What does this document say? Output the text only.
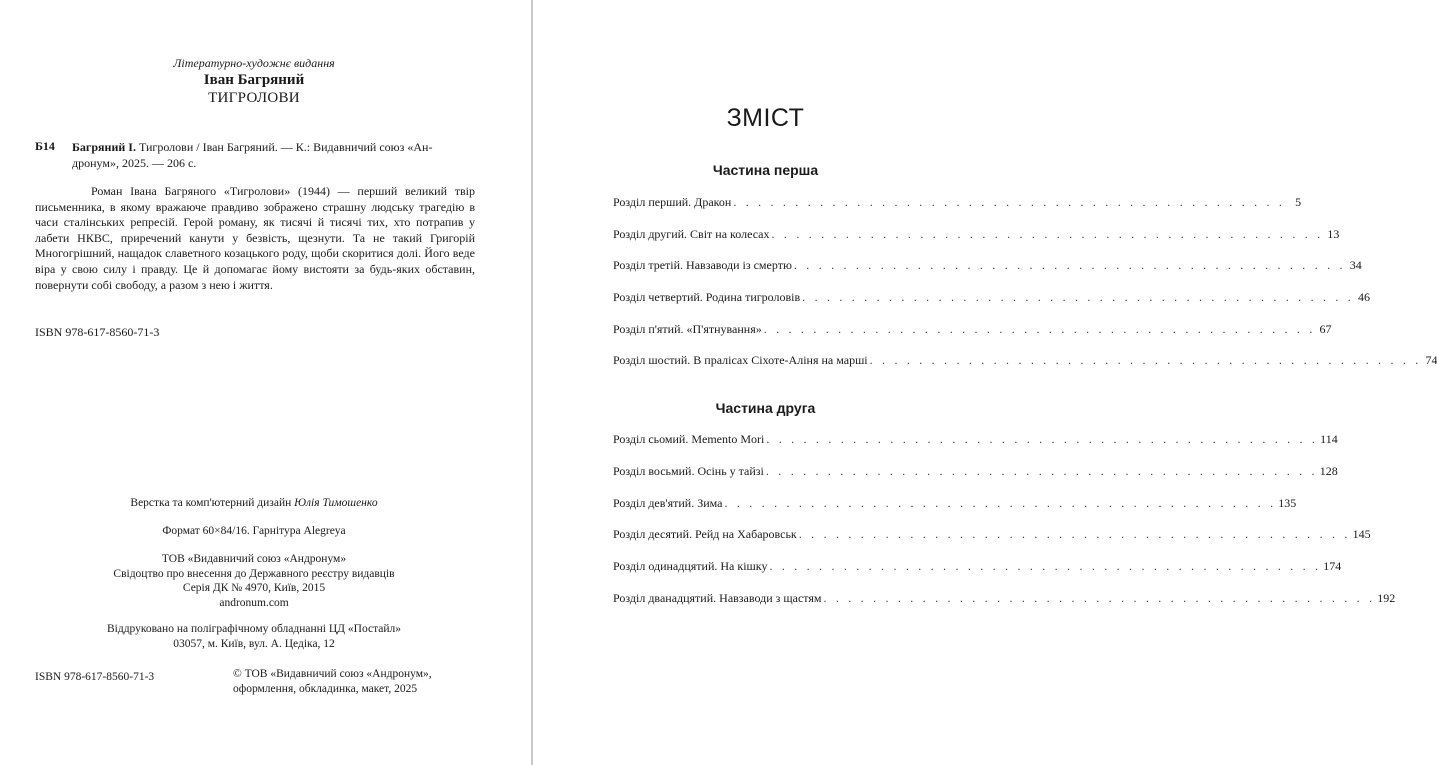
Літературно-художнє видання
Іван Багряний
ТИГРОЛОВИ
Б14 Багряний І. Тигролови / Іван Багряний. — К.: Видавничий союз «Ан-
дронум», 2025. — 206 с.
Роман Івана Багряного «Тигролови» (1944) — перший великий твір письменника, в якому вражаюче правдиво зображено страшну людську трагедію в часи сталінських репресій. Герой роману, як тисячі й тисячі тих, хто потрапив у лабети НКВС, приречений канути у безвість, щезнути. Та не такий Григорій Многогрішний, нащадок славетного козацького роду, щоби скоритися долі. Його веде віра у свою силу і правду. Це й допомагає йому вистояти за будь-яких обставин, повернути собі свободу, а разом з нею і життя.
ISBN 978-617-8560-71-3
Верстка та комп'ютерний дизайн Юлія Тимошенко
Формат 60×84/16. Гарнітура Alegreya
ТОВ «Видавничий союз «Андронум»
Свідоцтво про внесення до Державного реєстру видавців
Серія ДК № 4970, Київ, 2015
andronum.com
Віддруковано на поліграфічному обладнанні ЦД «Постайл»
03057, м. Київ, вул. А. Цедіка, 12
ISBN 978-617-8560-71-3	© ТОВ «Видавничий союз «Андронум»,
оформлення, обкладинка, макет, 2025
ЗМІСТ
Частина перша
Розділ перший. Дракон . . . . . . . . . . . . . . . . . . . . . . . . . . . . . . . . . . . . . . . . . . . . . 5
Розділ другий. Світ на колесах . . . . . . . . . . . . . . . . . . . . . . . . . . . . . . . . . . . . . . . . . . . . . 13
Розділ третій. Навзаводи із смертю . . . . . . . . . . . . . . . . . . . . . . . . . . . . . . . . . . . . . . . . . . . . . 34
Розділ четвертий. Родина тигроловів . . . . . . . . . . . . . . . . . . . . . . . . . . . . . . . . . . . . . . . . . . . . . 46
Розділ п'ятий. «П'ятнування» . . . . . . . . . . . . . . . . . . . . . . . . . . . . . . . . . . . . . . . . . . . . . 67
Розділ шостий. В пралісах Сіхоте-Аліня на марші . . . . . . . . . . . . . . . . . . . . . . . . . . . . . . . . . . . . . . . . . . . . . 74
Частина друга
Розділ сьомий. Memento Mori . . . . . . . . . . . . . . . . . . . . . . . . . . . . . . . . . . . . . . . . . . . . . 114
Розділ восьмий. Осінь у тайзі . . . . . . . . . . . . . . . . . . . . . . . . . . . . . . . . . . . . . . . . . . . . . 128
Розділ дев'ятий. Зима . . . . . . . . . . . . . . . . . . . . . . . . . . . . . . . . . . . . . . . . . . . . . 135
Розділ десятий. Рейд на Хабаровськ . . . . . . . . . . . . . . . . . . . . . . . . . . . . . . . . . . . . . . . . . . . . . 145
Розділ одинадцятий. На кішку . . . . . . . . . . . . . . . . . . . . . . . . . . . . . . . . . . . . . . . . . . . . . 174
Розділ дванадцятий. Навзаводи з щастям . . . . . . . . . . . . . . . . . . . . . . . . . . . . . . . . . . . . . . . . . . . . . 192
